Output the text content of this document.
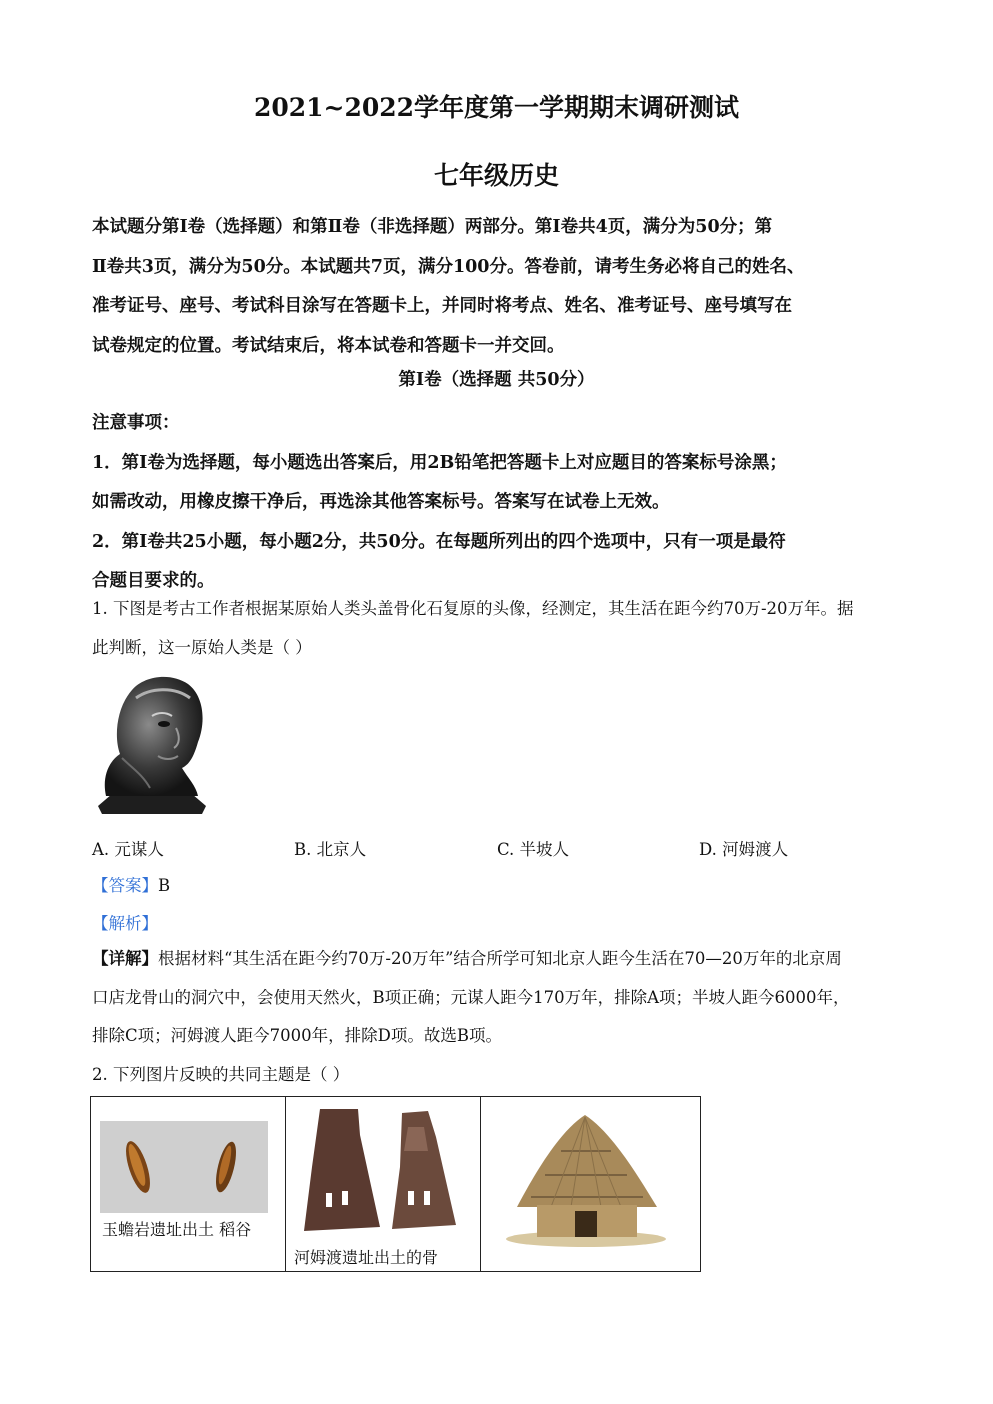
2021~2022学年度第一学期期末调研测试
七年级历史
本试题分第Ⅰ卷（选择题）和第Ⅱ卷（非选择题）两部分。第Ⅰ卷共4页，满分为50分；第
Ⅱ卷共3页，满分为50分。本试题共7页，满分100分。答卷前，请考生务必将自己的姓名、
准考证号、座号、考试科目涂写在答题卡上，并同时将考点、姓名、准考证号、座号填写在
试卷规定的位置。考试结束后，将本试卷和答题卡一并交回。
第Ⅰ卷（选择题 共50分）
注意事项：
1．第Ⅰ卷为选择题，每小题选出答案后，用2B铅笔把答题卡上对应题目的答案标号涂黑；
如需改动，用橡皮擦干净后，再选涂其他答案标号。答案写在试卷上无效。
2．第Ⅰ卷共25小题，每小题2分，共50分。在每题所列出的四个选项中，只有一项是最符
合题目要求的。
1. 下图是考古工作者根据某原始人类头盖骨化石复原的头像，经测定，其生活在距今约70万-20万年。据
此判断，这一原始人类是（ ）
A. 元谋人	B. 北京人	C. 半坡人	D. 河姆渡人
【答案】B
【解析】
【详解】根据材料“其生活在距今约70万-20万年”结合所学可知北京人距今生活在70—20万年的北京周
口店龙骨山的洞穴中，会使用天然火，B项正确；元谋人距今170万年，排除A项；半坡人距今6000年，
排除C项；河姆渡人距今7000年，排除D项。故选B项。
2. 下列图片反映的共同主题是（ ）
玉蟾岩遗址出土 稻谷

河姆渡遗址出土的骨
